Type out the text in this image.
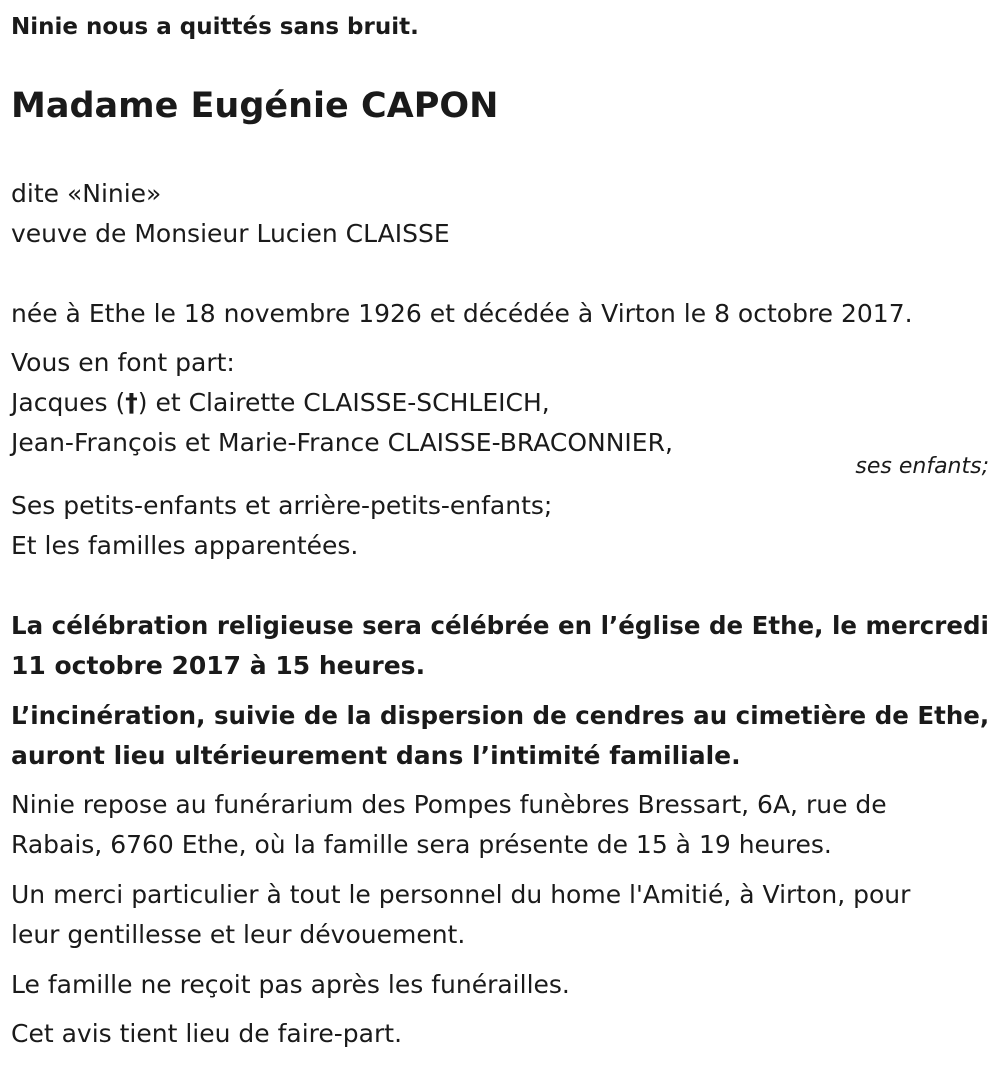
Ninie nous a quittés sans bruit.
Madame Eugénie CAPON
dite «Ninie»
veuve de Monsieur Lucien CLAISSE
née à Ethe le 18 novembre 1926 et décédée à Virton le 8 octobre 2017.
Vous en font part:
Jacques (†) et Clairette CLAISSE-SCHLEICH,
Jean-François et Marie-France CLAISSE-BRACONNIER,
ses enfants;
Ses petits-enfants et arrière-petits-enfants;
Et les familles apparentées.
La célébration religieuse sera célébrée en l’église de Ethe, le mercredi
11 octobre 2017 à 15 heures.
L’incinération, suivie de la dispersion de cendres au cimetière de Ethe,
auront lieu ultérieurement dans l’intimité familiale.
Ninie repose au funérarium des Pompes funèbres Bressart, 6A, rue de
Rabais, 6760 Ethe, où la famille sera présente de 15 à 19 heures.
Un merci particulier à tout le personnel du home l'Amitié, à Virton, pour
leur gentillesse et leur dévouement.
Le famille ne reçoit pas après les funérailles.
Cet avis tient lieu de faire-part.
